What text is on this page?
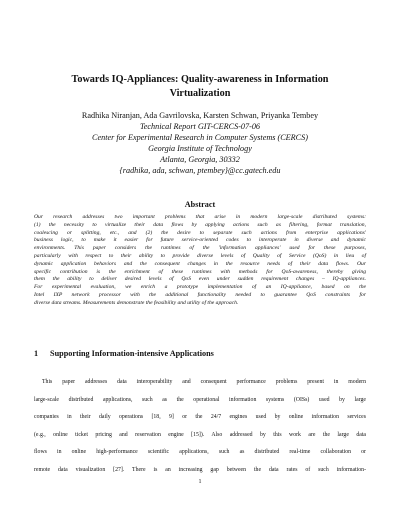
Towards IQ-Appliances: Quality-awareness in Information
Virtualization
Radhika Niranjan, Ada Gavrilovska, Karsten Schwan, Priyanka Tembey
Technical Report GIT-CERCS-07-06
Center for Experimental Research in Computer Systems (CERCS)
Georgia Institute of Technology
Atlanta, Georgia, 30332
{radhika, ada, schwan, ptembey}@cc.gatech.edu
Abstract
Our research addresses two important problems that arise in modern large-scale distributed systems:
(1) the necessity to virtualize their data flows by applying actions such as filtering, format translation,
coalescing or splitting, etc., and (2) the desire to separate such actions from enterprise applications'
business logic, to make it easier for future service-oriented codes to interoperate in diverse and dynamic
environments. This paper considers the runtimes of the 'information appliances' used for these purposes,
particularly with respect to their ability to provide diverse levels of Quality of Service (QoS) in lieu of
dynamic application behaviors and the consequent changes in the resource needs of their data flows. Our
specific contribution is the enrichment of these runtimes with methods for QoS-awareness, thereby giving
them the ability to deliver desired levels of QoS even under sudden requirement changes – IQ-appliances.
For experimental evaluation, we enrich a prototype implementation of an IQ-appliance, based on the
Intel IXP network processor with the additional functionality needed to guarantee QoS constraints for
diverse data streams. Measurements demonstrate the feasibility and utility of the approach.
1 Supporting Information-intensive Applications
This paper addresses data interoperability and consequent performance problems present in modern
large-scale distributed applications, such as the operational information systems (OISs) used by large
companies in their daily operations [18, 9] or the 24/7 engines used by online information services
(e.g., online ticket pricing and reservation engine [15]). Also addressed by this work are the large data
flows in online high-performance scientific applications, such as distributed real-time collaboration or
remote data visualization [27]. There is an increasing gap between the data rates of such information-
1
